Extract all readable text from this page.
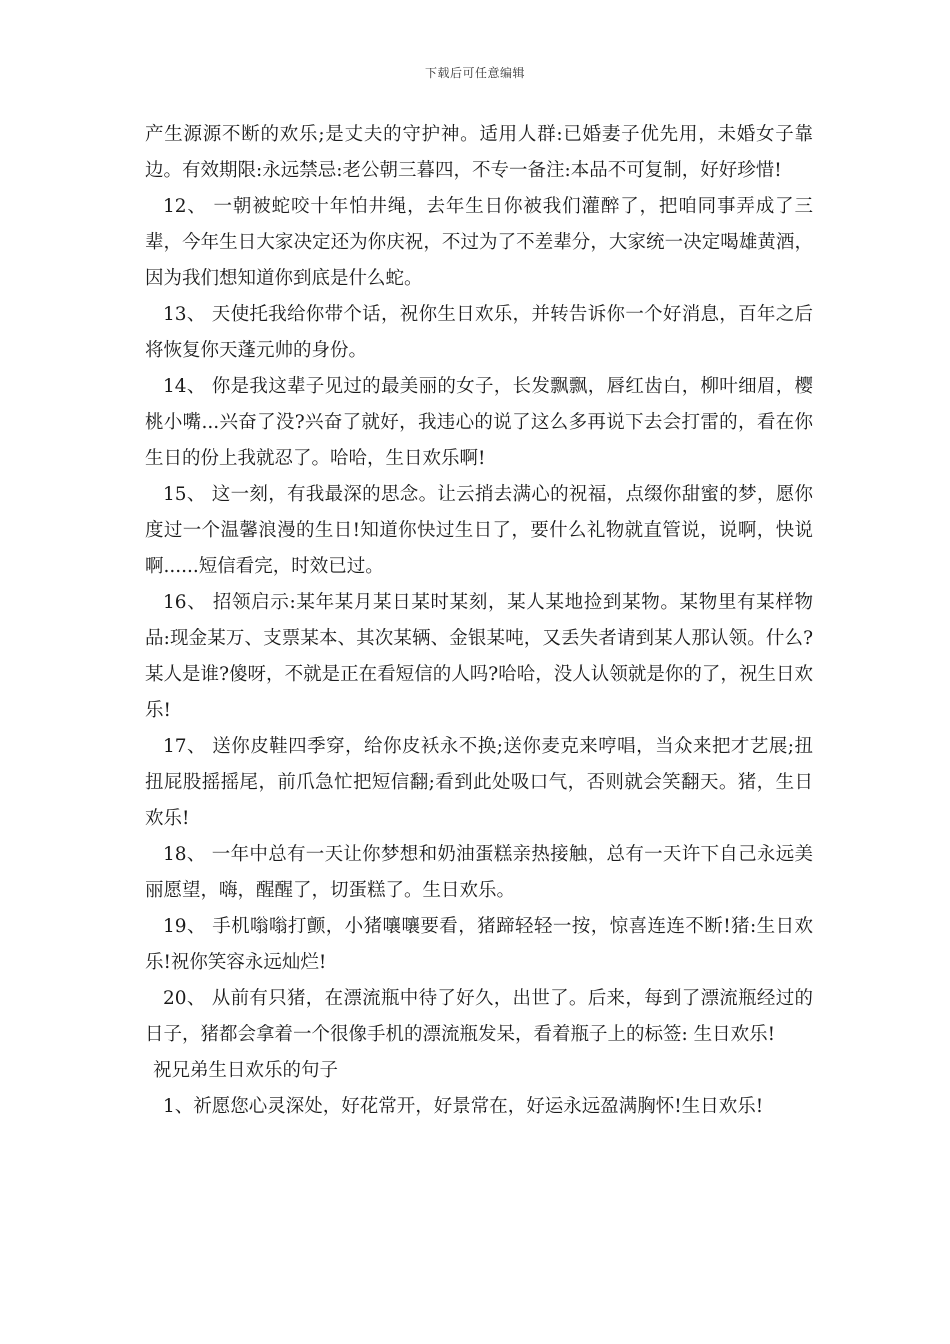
下载后可任意编辑

产生源源不断的欢乐;是丈夫的守护神。适用人群:已婚妻子优先用，未婚女子靠边。有效期限:永远禁忌:老公朝三暮四，不专一备注:本品不可复制，好好珍惜!

12、 一朝被蛇咬十年怕井绳，去年生日你被我们灌醉了，把咱同事弄成了三辈，今年生日大家决定还为你庆祝，不过为了不差辈分，大家统一决定喝雄黄酒，因为我们想知道你到底是什么蛇。

13、 天使托我给你带个话，祝你生日欢乐，并转告诉你一个好消息，百年之后将恢复你天蓬元帅的身份。

14、 你是我这辈子见过的最美丽的女子，长发飘飘，唇红齿白，柳叶细眉，樱桃小嘴...兴奋了没?兴奋了就好，我违心的说了这么多再说下去会打雷的，看在你生日的份上我就忍了。哈哈，生日欢乐啊!

15、 这一刻，有我最深的思念。让云捎去满心的祝福，点缀你甜蜜的梦，愿你度过一个温馨浪漫的生日!知道你快过生日了，要什么礼物就直管说，说啊，快说啊......短信看完，时效已过。

16、 招领启示:某年某月某日某时某刻，某人某地捡到某物。某物里有某样物品:现金某万、支票某本、其次某辆、金银某吨，又丢失者请到某人那认领。什么?某人是谁?傻呀，不就是正在看短信的人吗?哈哈，没人认领就是你的了，祝生日欢乐!

17、 送你皮鞋四季穿，给你皮袄永不换;送你麦克来哼唱，当众来把才艺展;扭扭屁股摇摇尾，前爪急忙把短信翻;看到此处吸口气，否则就会笑翻天。猪，生日欢乐!

18、 一年中总有一天让你梦想和奶油蛋糕亲热接触，总有一天许下自己永远美丽愿望，嗨，醒醒了，切蛋糕了。生日欢乐。

19、 手机嗡嗡打颤，小猪嚷嚷要看，猪蹄轻轻一按，惊喜连连不断!猪:生日欢乐!祝你笑容永远灿烂!

20、 从前有只猪，在漂流瓶中待了好久，出世了。后来，每到了漂流瓶经过的日子，猪都会拿着一个很像手机的漂流瓶发呆，看着瓶子上的标签: 生日欢乐!

祝兄弟生日欢乐的句子

1、祈愿您心灵深处，好花常开，好景常在，好运永远盈满胸怀!生日欢乐!
